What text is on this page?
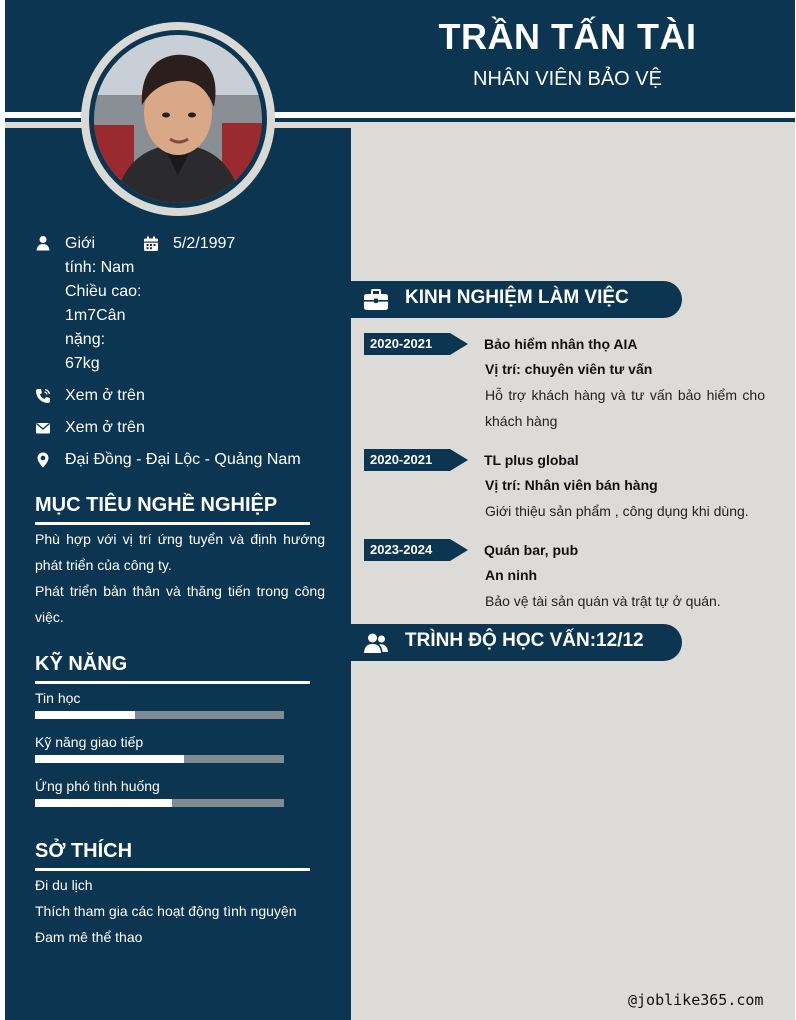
TRẦN TẤN TÀI
NHÂN VIÊN BẢO VỆ
Giới
tính: Nam
Chiều cao:
1m7Cân
nặng:
67kg
5/2/1997
Xem ở trên
Xem ở trên
Đại Đồng - Đại Lộc - Quảng Nam
MỤC TIÊU NGHỀ NGHIỆP
Phù hợp với vị trí ứng tuyển và định hướng phát triển của công ty.
Phát triển bản thân và thăng tiến trong công việc.
KỸ NĂNG
Tin học
Kỹ năng giao tiếp
Ứng phó tình huống
SỞ THÍCH
Đi du lịch
Thích tham gia các hoạt động tình nguyện
Đam mê thể thao
KINH NGHIỆM LÀM VIỆC
2020-2021	Bảo hiểm nhân thọ AIA
Vị trí: chuyên viên tư vấn
Hỗ trợ khách hàng và tư vấn bảo hiểm cho khách hàng
2020-2021	TL plus global
Vị trí: Nhân viên bán hàng
Giới thiệu sản phẩm , công dụng khi dùng.
2023-2024	Quán bar, pub
An ninh
Bảo vệ tài sản quán và trật tự ở quán.
TRÌNH ĐỘ HỌC VẤN:12/12
@joblike365.com
